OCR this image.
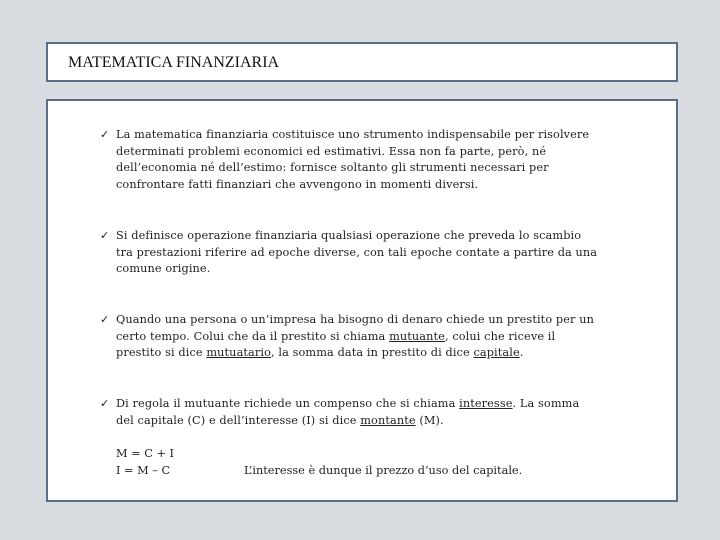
MATEMATICA FINANZIARIA
✓ La matematica finanziaria costituisce uno strumento indispensabile per risolvere determinati problemi economici ed estimativi. Essa non fa parte, però, né dell’economia né dell’estimo: fornisce soltanto gli strumenti necessari per confrontare fatti finanziari che avvengono in momenti diversi.
✓ Si definisce operazione finanziaria qualsiasi operazione che preveda lo scambio tra prestazioni riferire ad epoche diverse, con tali epoche contate a partire da una comune origine.
✓ Quando una persona o un’impresa ha bisogno di denaro chiede un prestito per un certo tempo. Colui che da il prestito si chiama mutuante, colui che riceve il prestito si dice mutuatario, la somma data in prestito di dice capitale.
✓ Di regola il mutuante richiede un compenso che si chiama interesse. La somma del capitale (C) e dell’interesse (I) si dice montante (M).
M = C + I
I = M – C	L’interesse è dunque il prezzo d’uso del capitale.
